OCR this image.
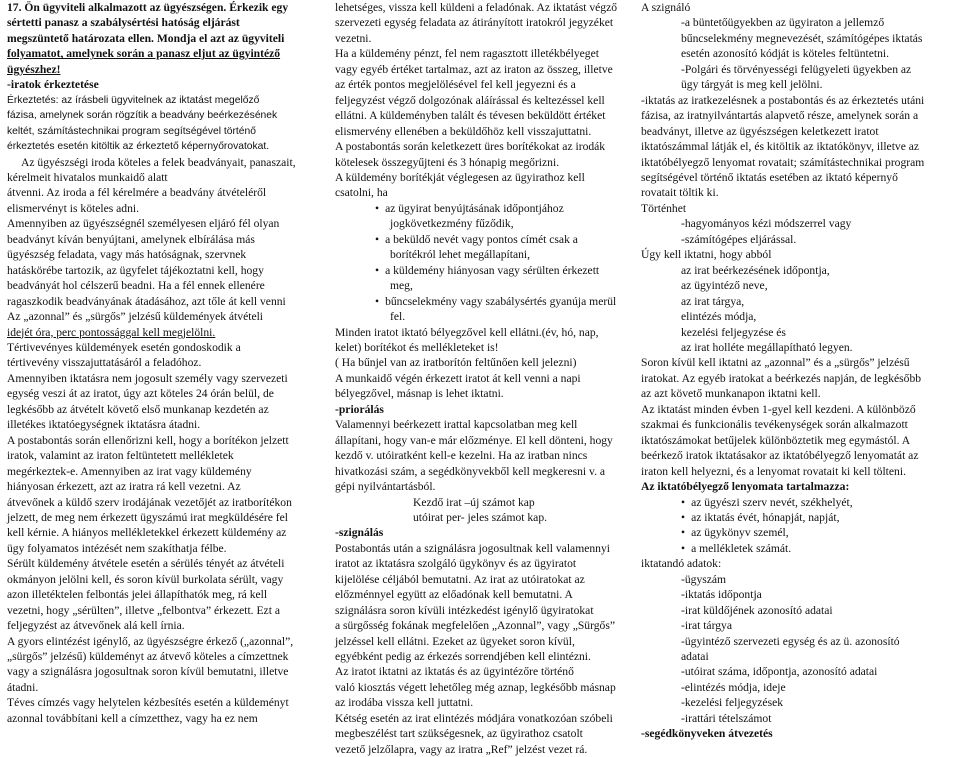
17. Ön ügyviteli alkalmazott az ügyészségen. Érkezik egy
sértetti panasz a szabálysértési hatóság eljárást
megszüntető határozata ellen. Mondja el azt az ügyviteli
folyamatot, amelynek során a panasz eljut az ügyintéző
ügyészhez!
-iratok érkeztetése
Érkeztetés: az írásbeli ügyvitelnek az iktatást megelőző
fázisa, amelynek során rögzítik a beadvány beérkezésének
keltét, számítástechnikai program segítségével történő
érkeztetés esetén kitöltik az érkeztető képernyőrovatokat.
Az ügyészségi iroda köteles a felek beadványait, panaszait,
kérelmeit hivatalos munkaidő alatt
átvenni. Az iroda a fél kérelmére a beadvány átvételéről
elismervényt is köteles adni.
Amennyiben az ügyészségnél személyesen eljáró fél olyan
beadványt kíván benyújtani, amelynek elbírálása más
ügyészség feladata, vagy más hatóságnak, szervnek
hatáskörébe tartozik, az ügyfelet tájékoztatni kell, hogy
beadványát hol célszerű beadni. Ha a fél ennek ellenére
ragaszkodik beadványának átadásához, azt tőle át kell venni
Az „azonnal” és „sürgős” jelzésű küldemények átvételi
idejét óra, perc pontossággal kell megjelölni.
Tértivevényes küldemények esetén gondoskodik a
tértivevény visszajuttatásáról a feladóhoz.
Amennyiben iktatásra nem jogosult személy vagy szervezeti
egység veszi át az iratot, úgy azt köteles 24 órán belül, de
legkésőbb az átvételt követő első munkanap kezdetén az
illetékes iktatóegységnek iktatásra átadni.
A postabontás során ellenőrizni kell, hogy a borítékon jelzett
iratok, valamint az iraton feltüntetett mellékletek
megérkeztek-e. Amennyiben az irat vagy küldemény
hiányosan érkezett, azt az iratra rá kell vezetni. Az
átvevőnek a küldő szerv irodájának vezetőjét az iratborítékon
jelzett, de meg nem érkezett ügyszámú irat megküldésére fel
kell kérnie. A hiányos mellékletekkel érkezett küldemény az
ügy folyamatos intézését nem szakíthatja félbe.
Sérült küldemény átvétele esetén a sérülés tényét az átvételi
okmányon jelölni kell, és soron kívül burkolata sérült, vagy
azon illetéktelen felbontás jelei állapíthatók meg, rá kell
vezetni, hogy „sérülten”, illetve „felbontva” érkezett. Ezt a
feljegyzést az átvevőnek alá kell írnia.
A gyors elintézést igénylő, az ügyészségre érkező („azonnal”,
„sürgős” jelzésű) küldeményt az átvevő köteles a címzettnek
vagy a szignálásra jogosultnak soron kívül bemutatni, illetve
átadni.
Téves címzés vagy helytelen kézbesítés esetén a küldeményt
azonnal továbbítani kell a címzetthez, vagy ha ez nem
lehetséges, vissza kell küldeni a feladónak. Az iktatást végző
szervezeti egység feladata az átirányított iratokról jegyzéket
vezetni.
Ha a küldemény pénzt, fel nem ragasztott illetékbélyeget
vagy egyéb értéket tartalmaz, azt az iraton az összeg, illetve
az érték pontos megjelölésével fel kell jegyezni és a
feljegyzést végző dolgozónak aláírással és keltezéssel kell
ellátni. A küldeményben talált és tévesen beküldött értéket
elismervény ellenében a beküldőhöz kell visszajuttatni.
A postabontás során keletkezett üres borítékokat az irodák
kötelesek összegyűjteni és 3 hónapig megőrizni.
A küldemény borítékját véglegesen az ügyirathoz kell
csatolni, ha
• az ügyirat benyújtásának időpontjához
jogkövetkezmény fűződik,
• a beküldő nevét vagy pontos címét csak a
borítékról lehet megállapítani,
• a küldemény hiányosan vagy sérülten érkezett
meg,
• bűncselekmény vagy szabálysértés gyanúja merül
fel.
Minden iratot iktató bélyegzővel kell ellátni.(év, hó, nap,
kelet) borítékot és mellékleteket is!
( Ha bűnjel van az iratborítón feltűnően kell jelezni)
A munkaidő végén érkezett iratot át kell venni a napi
bélyegzővel, másnap is lehet iktatni.
-priorálás
Valamennyi beérkezett irattal kapcsolatban meg kell
állapítani, hogy van-e már előzménye. El kell dönteni, hogy
kezdő v. utóiratként kell-e kezelni. Ha az iratban nincs
hivatkozási szám, a segédkönyvekből kell megkeresni v. a
gépi nyilvántartásból.
Kezdő irat –új számot kap
utóirat per- jeles számot kap.
-szignálás
Postabontás után a szignálásra jogosultnak kell valamennyi
iratot az iktatásra szolgáló ügykönyv és az ügyiratot
kijelölése céljából bemutatni. Az irat az utóiratokat az
előzménnyel együtt az előadónak kell bemutatni. A
szignálásra soron kívüli intézkedést igénylő ügyiratokat
a sürgősség fokának megfelelően „Azonnal”, vagy „Sürgős”
jelzéssel kell ellátni. Ezeket az ügyeket soron kívül,
egyébként pedig az érkezés sorrendjében kell elintézni.
Az iratot iktatni az iktatás és az ügyintézőre történő
való kiosztás végett lehetőleg még aznap, legkésőbb másnap
az irodába vissza kell juttatni.
Kétség esetén az irat elintézés módjára vonatkozóan szóbeli
megbeszélést tart szükségesnek, az ügyirathoz csatolt
vezető jelzőlapra, vagy az iratra „Ref” jelzést vezet rá.
A szignáló
-a büntetőügyekben az ügyiraton a jellemző
bűncselekmény megnevezését, számítógépes iktatás
esetén azonosító kódját is köteles feltüntetni.
-Polgári és törvényességi felügyeleti ügyekben az
ügy tárgyát is meg kell jelölni.
-iktatás az iratkezelésnek a postabontás és az érkeztetés utáni
fázisa, az iratnyilvántartás alapvető része, amelynek során a
beadványt, illetve az ügyészségen keletkezett iratot
iktatószámmal látják el, és kitöltik az iktatókönyv, illetve az
iktatóbélyegző lenyomat rovatait; számítástechnikai program
segítségével történő iktatás esetében az iktató képernyő
rovatait töltik ki.
Történhet
-hagyományos kézi módszerrel vagy
-számítógépes eljárással.
Úgy kell iktatni, hogy abból
az irat beérkezésének időpontja,
az ügyintéző neve,
az irat tárgya,
elintézés módja,
kezelési feljegyzése és
az irat holléte megállapítható legyen.
Soron kívül kell iktatni az „azonnal” és a „sürgős” jelzésű
iratokat. Az egyéb iratokat a beérkezés napján, de legkésőbb
az azt követő munkanapon iktatni kell.
Az iktatást minden évben 1-gyel kell kezdeni. A különböző
szakmai és funkcionális tevékenységek során alkalmazott
iktatószámokat betűjelek különböztetik meg egymástól. A
beérkező iratok iktatásakor az iktatóbélyegző lenyomatát az
iraton kell helyezni, és a lenyomat rovatait ki kell tölteni.
Az iktatóbélyegző lenyomata tartalmazza:
• az ügyészi szerv nevét, székhelyét,
• az iktatás évét, hónapját, napját,
• az ügykönyv személ,
• a mellékletek számát.
iktatandó adatok:
-ügyszám
-iktatás időpontja
-irat küldőjének azonosító adatai
-irat tárgya
-ügyintéző szervezeti egység és az ü. azonosító
adatai
-utóirat száma, időpontja, azonosító adatai
-elintézés módja, ideje
-kezelési feljegyzések
-irattári tételszámot
-segédkönyveken átvezetés
